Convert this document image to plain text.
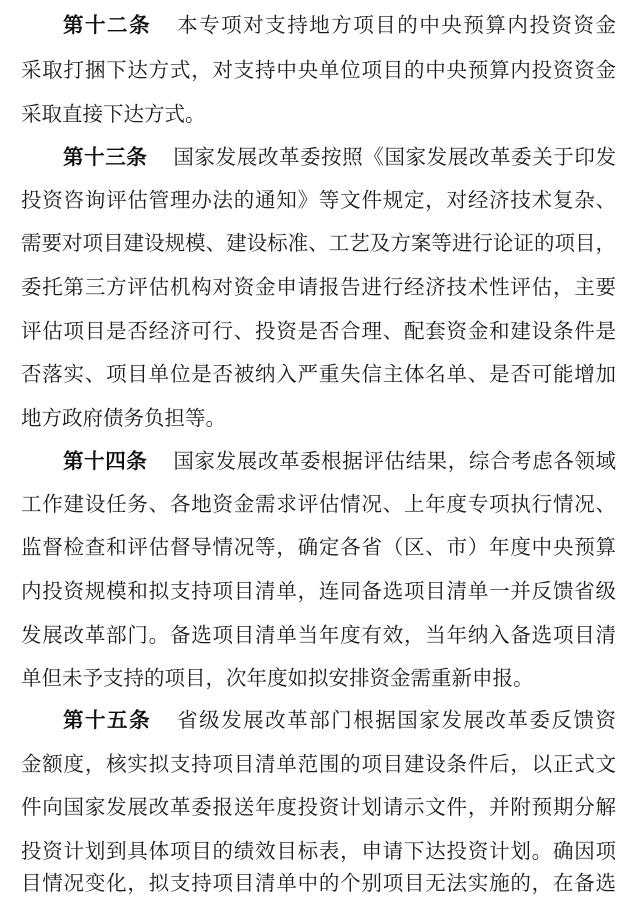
第十二条 本专项对支持地方项目的中央预算内投资资金
采取打捆下达方式，对支持中央单位项目的中央预算内投资资金
采取直接下达方式。
第十三条 国家发展改革委按照《国家发展改革委关于印发
投资咨询评估管理办法的通知》等文件规定，对经济技术复杂、
需要对项目建设规模、建设标准、工艺及方案等进行论证的项目，
委托第三方评估机构对资金申请报告进行经济技术性评估，主要
评估项目是否经济可行、投资是否合理、配套资金和建设条件是
否落实、项目单位是否被纳入严重失信主体名单、是否可能增加
地方政府债务负担等。
第十四条 国家发展改革委根据评估结果，综合考虑各领域
工作建设任务、各地资金需求评估情况、上年度专项执行情况、
监督检查和评估督导情况等，确定各省（区、市）年度中央预算
内投资规模和拟支持项目清单，连同备选项目清单一并反馈省级
发展改革部门。备选项目清单当年度有效，当年纳入备选项目清
单但未予支持的项目，次年度如拟安排资金需重新申报。
第十五条 省级发展改革部门根据国家发展改革委反馈资
金额度，核实拟支持项目清单范围的项目建设条件后，以正式文
件向国家发展改革委报送年度投资计划请示文件，并附预期分解
投资计划到具体项目的绩效目标表，申请下达投资计划。确因项
目情况变化，拟支持项目清单中的个别项目无法实施的，在备选
